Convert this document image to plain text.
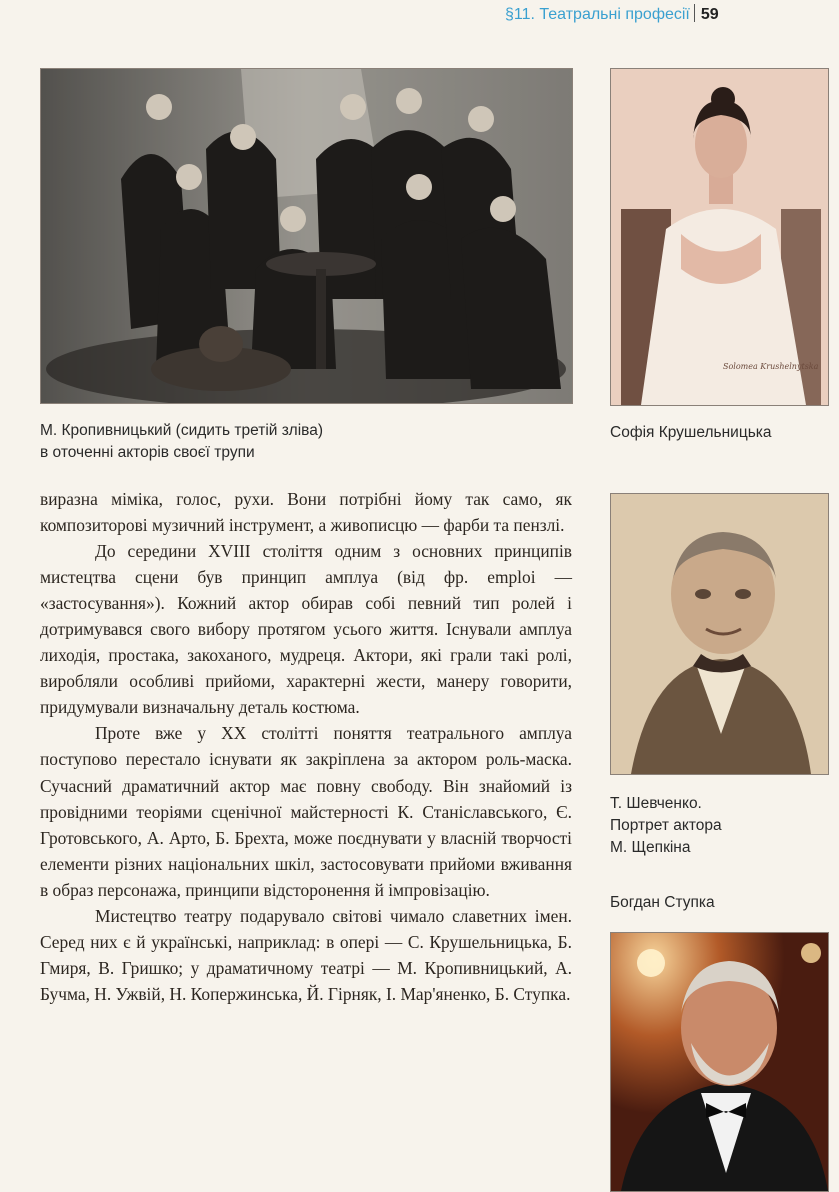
§11. Театральні професії 59
М. Кропивницький (сидить третій зліва)
в оточенні акторів своєї трупи
Solomea Krushelnytska
Софія Крушельницька
Т. Шевченко.
Портрет актора
М. Щепкіна
Богдан Ступка

виразна міміка, голос, рухи. Вони потрібні йому так само, як композиторові музичний інструмент, а живописцю — фарби та пензлі.

До середини XVIII століття одним з основних принципів мистецтва сцени був принцип амплуа (від фр. emploi — «застосування»). Кожний актор обирав собі певний тип ролей і дотримувався свого вибору протягом усього життя. Існували амплуа лиходія, простака, закоханого, мудреця. Актори, які грали такі ролі, виробляли особливі прийоми, характерні жести, манеру говорити, придумували визначальну деталь костюма.

Проте вже у XX столітті поняття театрального амплуа поступово перестало існувати як закріплена за актором роль-маска. Сучасний драматичний актор має повну свободу. Він знайомий із провідними теоріями сценічної майстерності К. Станіславського, Є. Гротовського, А. Арто, Б. Брехта, може поєднувати у власній творчості елементи різних національних шкіл, застосовувати прийоми вживання в образ персонажа, принципи відсторонення й імпровізацію.

Мистецтво театру подарувало світові чимало славетних імен. Серед них є й українські, наприклад: в опері — С. Крушельницька, Б. Гмиря, В. Гришко; у драматичному театрі — М. Кропивницький, А. Бучма, Н. Ужвій, Н. Копержинська, Й. Гірняк, І. Мар'яненко, Б. Ступка.
